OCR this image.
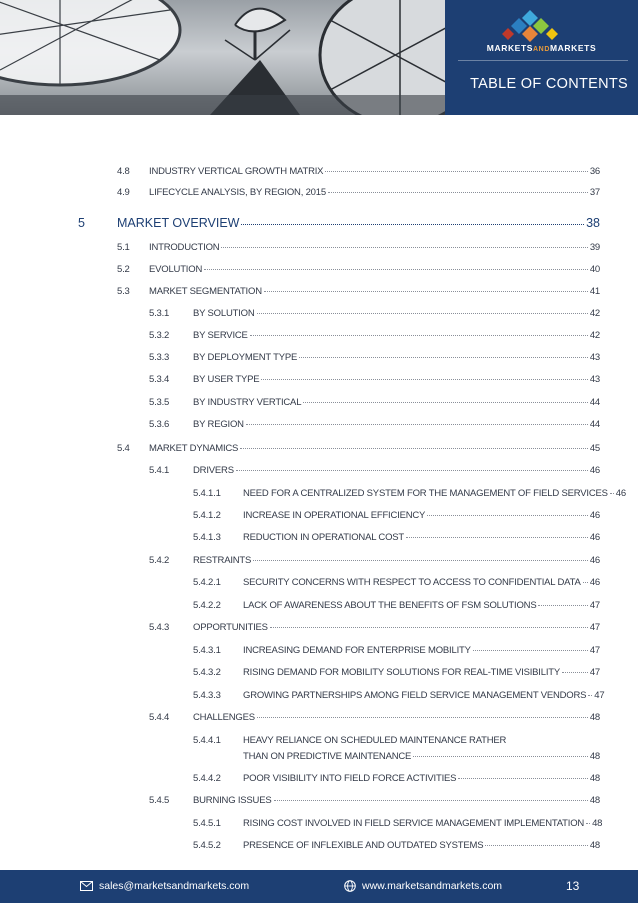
MARKETSANDMARKETS
TABLE OF CONTENTS
4.8 INDUSTRY VERTICAL GROWTH MATRIX	36
4.9 LIFECYCLE ANALYSIS, BY REGION, 2015	37
5	MARKET OVERVIEW	38
5.1 INTRODUCTION	39
5.2 EVOLUTION	40
5.3 MARKET SEGMENTATION	41
5.3.1	BY SOLUTION	42
5.3.2	BY SERVICE	42
5.3.3	BY DEPLOYMENT TYPE	43
5.3.4	BY USER TYPE	43
5.3.5	BY INDUSTRY VERTICAL	44
5.3.6	BY REGION	44
5.4 MARKET DYNAMICS	45
5.4.1	DRIVERS	46
5.4.1.1 NEED FOR A CENTRALIZED SYSTEM FOR THE MANAGEMENT OF FIELD SERVICES 46
5.4.1.2 INCREASE IN OPERATIONAL EFFICIENCY	46
5.4.1.3 REDUCTION IN OPERATIONAL COST	46
5.4.2	RESTRAINTS	46
5.4.2.1 SECURITY CONCERNS WITH RESPECT TO ACCESS TO CONFIDENTIAL DATA 46
5.4.2.2 LACK OF AWARENESS ABOUT THE BENEFITS OF FSM SOLUTIONS	47
5.4.3	OPPORTUNITIES	47
5.4.3.1 INCREASING DEMAND FOR ENTERPRISE MOBILITY	47
5.4.3.2 RISING DEMAND FOR MOBILITY SOLUTIONS FOR REAL-TIME VISIBILITY	47
5.4.3.3 GROWING PARTNERSHIPS AMONG FIELD SERVICE MANAGEMENT VENDORS 47
5.4.4	CHALLENGES	48
5.4.4.1 HEAVY RELIANCE ON SCHEDULED MAINTENANCE RATHER
THAN ON PREDICTIVE MAINTENANCE	48
5.4.4.2 POOR VISIBILITY INTO FIELD FORCE ACTIVITIES	48
5.4.5	BURNING ISSUES	48
5.4.5.1 RISING COST INVOLVED IN FIELD SERVICE MANAGEMENT IMPLEMENTATION 48
5.4.5.2 PRESENCE OF INFLEXIBLE AND OUTDATED SYSTEMS	48
sales@marketsandmarkets.com	www.marketsandmarkets.com	13
